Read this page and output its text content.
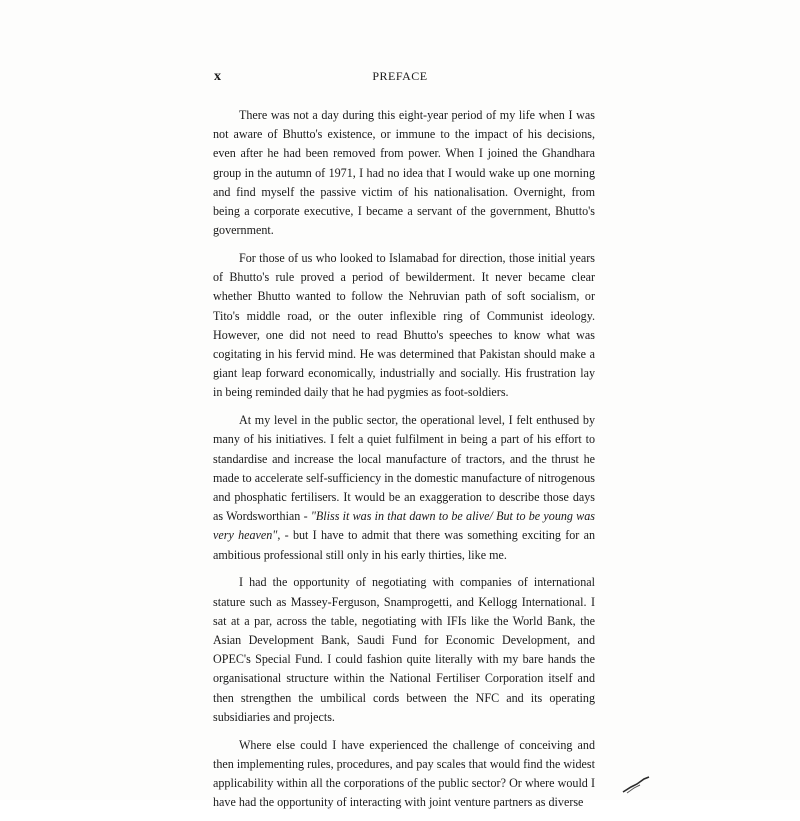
x	PREFACE

There was not a day during this eight-year period of my life when I was not aware of Bhutto's existence, or immune to the impact of his decisions, even after he had been removed from power. When I joined the Ghandhara group in the autumn of 1971, I had no idea that I would wake up one morning and find myself the passive victim of his nationalisation. Overnight, from being a corporate executive, I became a servant of the government, Bhutto's government.

For those of us who looked to Islamabad for direction, those initial years of Bhutto's rule proved a period of bewilderment. It never became clear whether Bhutto wanted to follow the Nehruvian path of soft socialism, or Tito's middle road, or the outer inflexible ring of Communist ideology. However, one did not need to read Bhutto's speeches to know what was cogitating in his fervid mind. He was determined that Pakistan should make a giant leap forward economically, industrially and socially. His frustration lay in being reminded daily that he had pygmies as foot-soldiers.

At my level in the public sector, the operational level, I felt enthused by many of his initiatives. I felt a quiet fulfilment in being a part of his effort to standardise and increase the local manufacture of tractors, and the thrust he made to accelerate self-sufficiency in the domestic manufacture of nitrogenous and phosphatic fertilisers. It would be an exaggeration to describe those days as Wordsworthian - "Bliss it was in that dawn to be alive/ But to be young was very heaven", - but I have to admit that there was something exciting for an ambitious professional still only in his early thirties, like me.

I had the opportunity of negotiating with companies of international stature such as Massey-Ferguson, Snamprogetti, and Kellogg International. I sat at a par, across the table, negotiating with IFIs like the World Bank, the Asian Development Bank, Saudi Fund for Economic Development, and OPEC's Special Fund. I could fashion quite literally with my bare hands the organisational structure within the National Fertiliser Corporation itself and then strengthen the umbilical cords between the NFC and its operating subsidiaries and projects.

Where else could I have experienced the challenge of conceiving and then implementing rules, procedures, and pay scales that would find the widest applicability within all the corporations of the public sector? Or where would I have had the opportunity of interacting with joint venture partners as diverse
